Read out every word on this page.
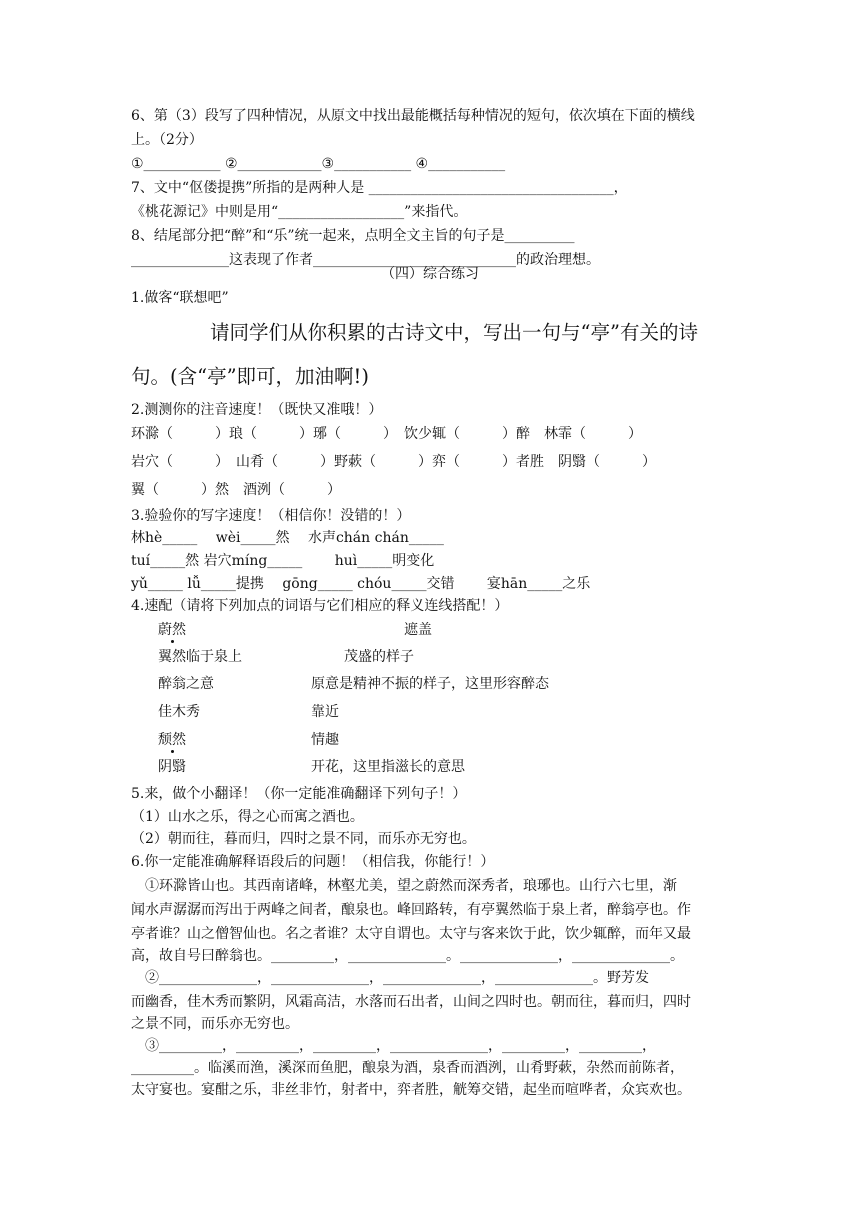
6、第（3）段写了四种情况，从原文中找出最能概括每种情况的短句，依次填在下面的横线
上。（2分）
①___________ ②____________③___________ ④___________
7、文中“伛偻提携”所指的是两种人是 ___________________________________，
《桃花源记》中则是用“__________________”来指代。
8、结尾部分把“醉”和“乐”统一起来，点明全文主旨的句子是__________
______________这表现了作者_____________________________的政治理想。
（四）综合练习
1.做客“联想吧”
请同学们从你积累的古诗文中，写出一句与“亭”有关的诗
句。(含“亭”即可，加油啊!)
2.测测你的注音速度！（既快又准哦！）
环滁（　　　）琅（　　　）琊（　　　）　饮少辄（　　　）醉　林霏（　　　）
岩穴（　　　）　山肴（　　　）野蔌（　　　）弈（　　　）者胜　阴翳（　　　）
翼（　　　）然　酒洌（　　　）
3.验验你的写字速度！（相信你！没错的！）
林hè_____　 wèi_____然　 水声chán chán_____
tuí_____然 岩穴míng_____　　 huì_____明变化
yǔ_____ lǚ_____提携　 gōng_____ chóu_____交错　　 宴hān_____之乐
4.速配（请将下列加点的词语与它们相应的释义连线搭配！）
蔚然	遮盖
翼然临于泉上	茂盛的样子
醉翁之意	原意是精神不振的样子，这里形容醉态
佳木秀	靠近
颓然	情趣
阴翳	开花，这里指滋长的意思
5.来，做个小翻译！（你一定能准确翻译下列句子！）
（1）山水之乐，得之心而寓之酒也。
（2）朝而往，暮而归，四时之景不同，而乐亦无穷也。
6.你一定能准确解释语段后的问题！（相信我，你能行！）
　①环滁皆山也。其西南诸峰，林壑尤美，望之蔚然而深秀者，琅琊也。山行六七里，渐
闻水声潺潺而泻出于两峰之间者，酿泉也。峰回路转，有亭翼然临于泉上者，醉翁亭也。作
亭者谁？山之僧智仙也。名之者谁？太守自谓也。太守与客来饮于此，饮少辄醉，而年又最
高，故自号曰醉翁也。_________，______________。______________，______________。
　②______________，______________，______________，______________。野芳发
而幽香，佳木秀而繁阴，风霜高洁，水落而石出者，山间之四时也。朝而往，暮而归，四时
之景不同，而乐亦无穷也。
　③_________，_________，_________，______________，_________，_________，
_________。临溪而渔，溪深而鱼肥，酿泉为酒，泉香而酒洌，山肴野蔌，杂然而前陈者，
太守宴也。宴酣之乐，非丝非竹，射者中，弈者胜，觥筹交错，起坐而喧哗者，众宾欢也。
